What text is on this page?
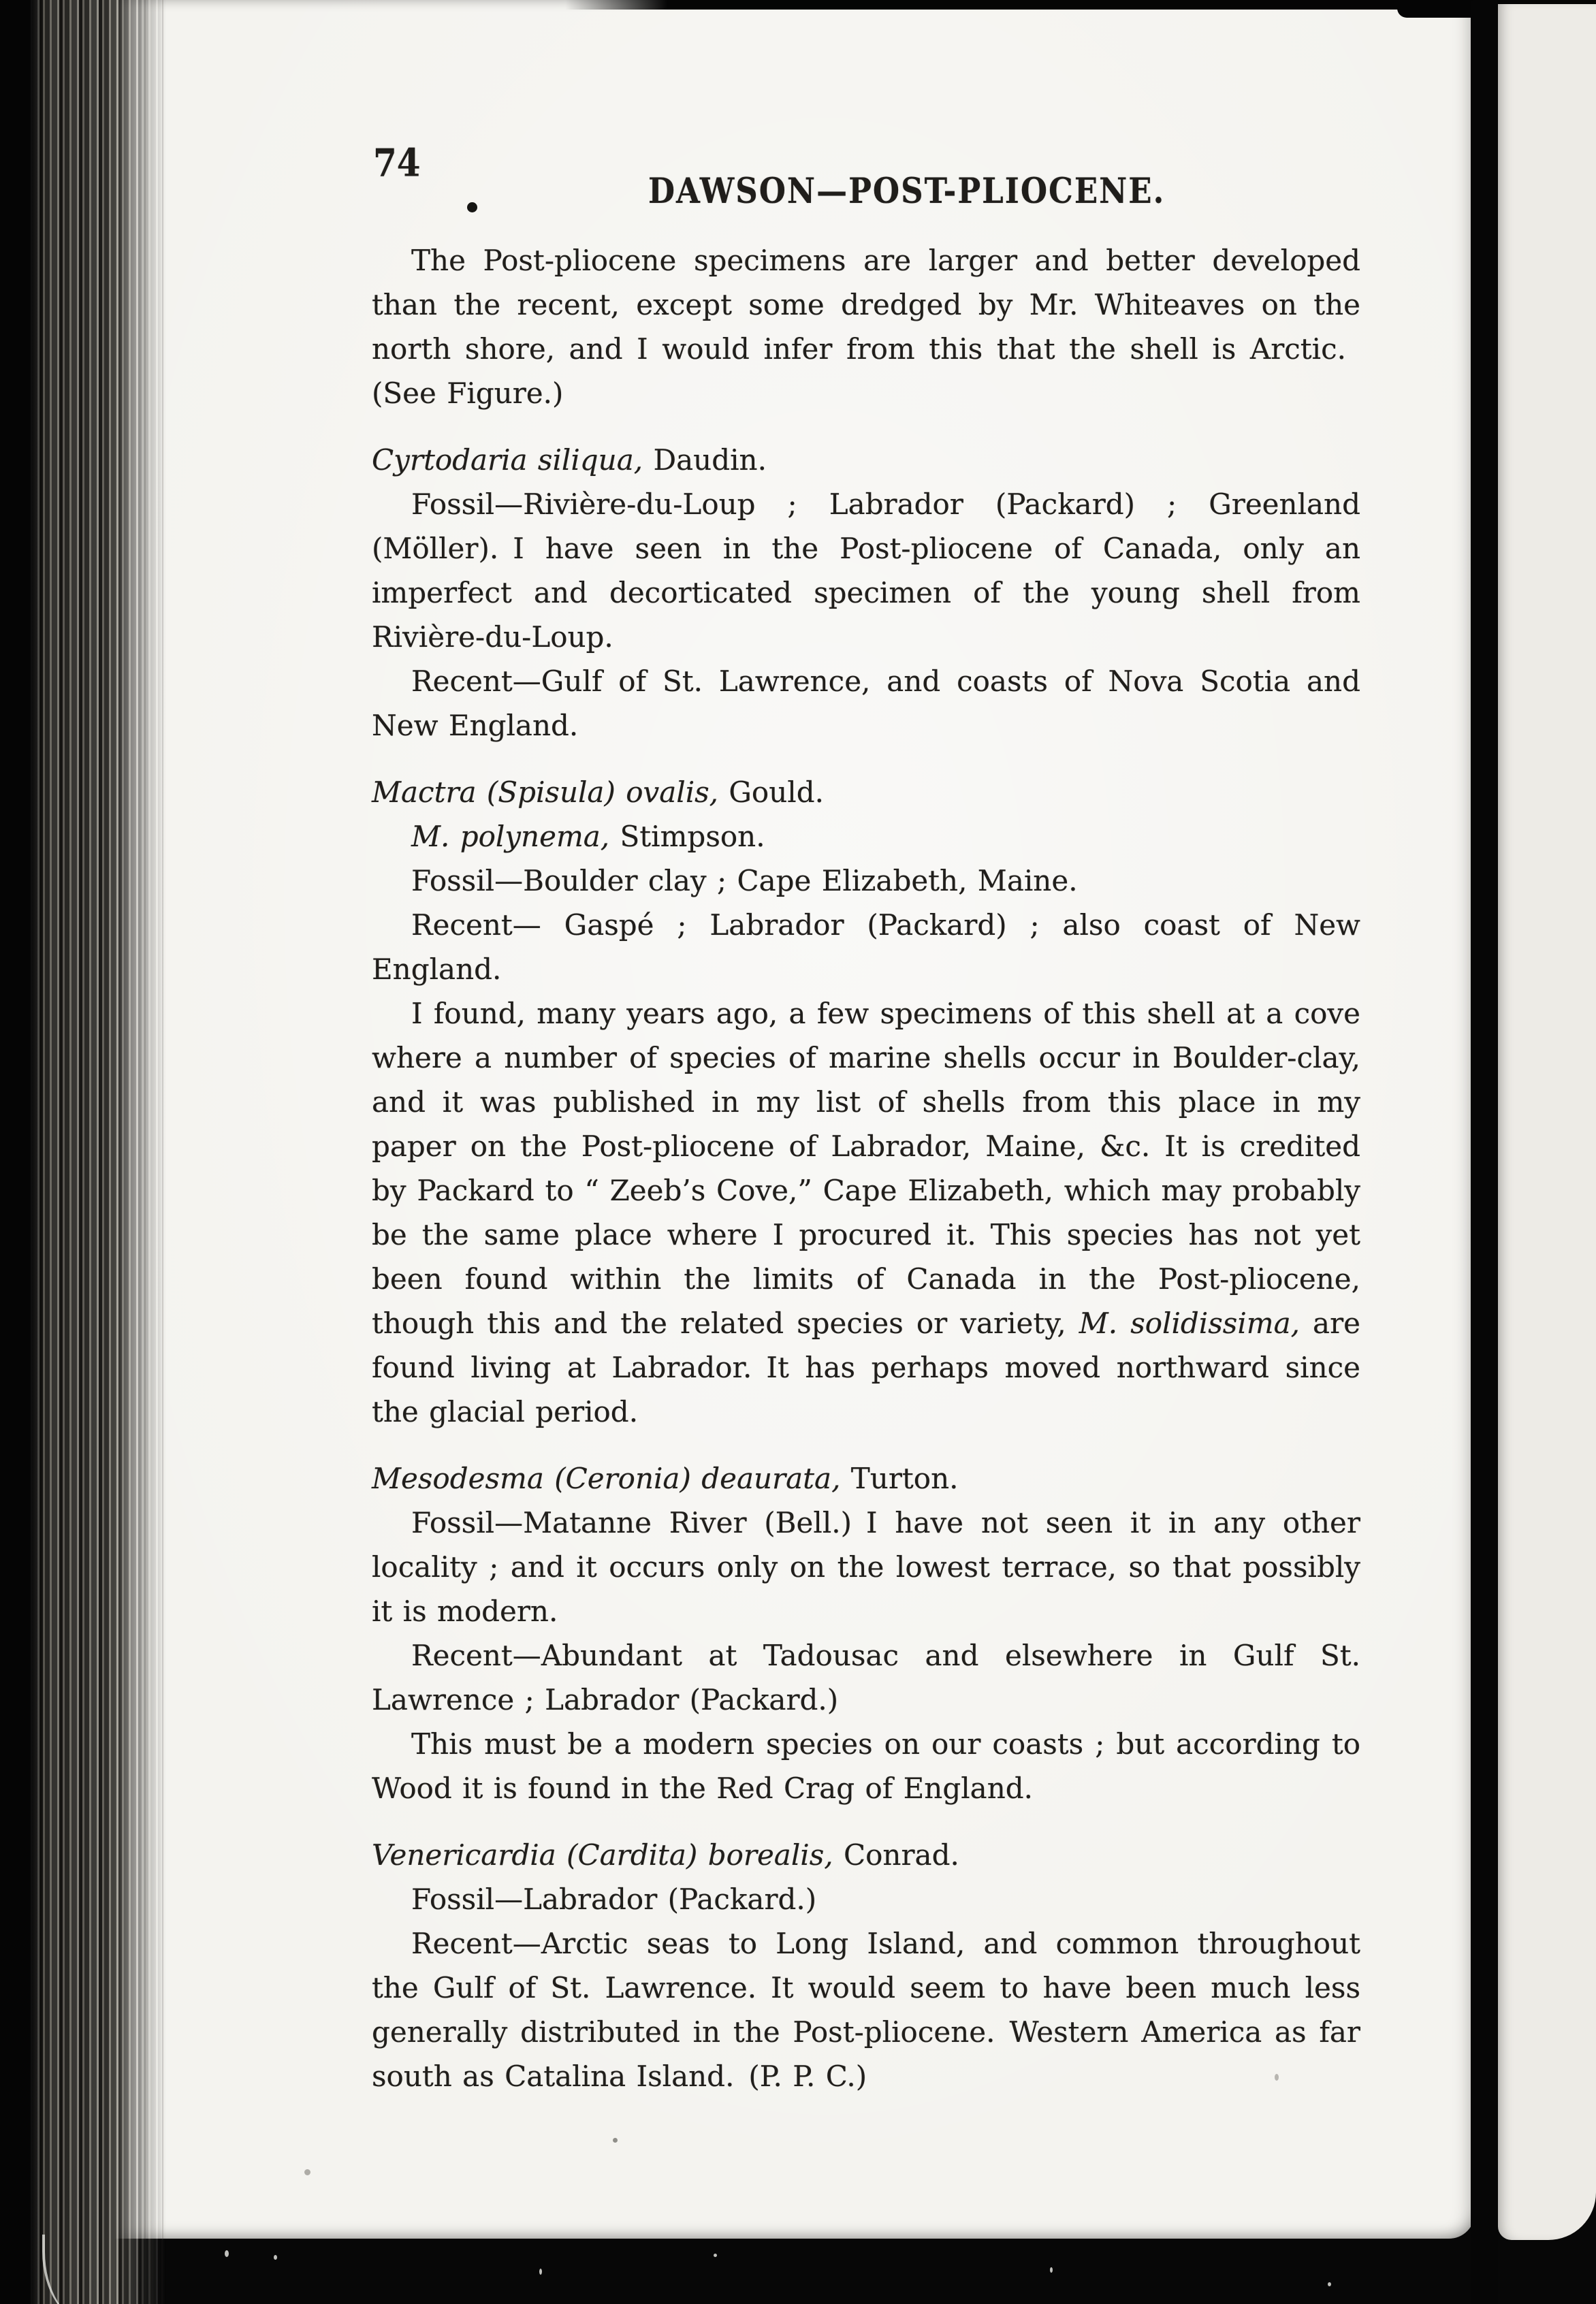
74
DAWSON—POST-PLIOCENE.

The Post-pliocene specimens are larger and better developed than the recent, except some dredged by Mr. Whiteaves on the north shore, and I would infer from this that the shell is Arctic. (See Figure.)

Cyrtodaria siliqua, Daudin.

Fossil—Rivière-du-Loup ; Labrador (Packard) ; Greenland (Möller). I have seen in the Post-pliocene of Canada, only an imperfect and decorticated specimen of the young shell from Rivière-du-Loup.

Recent—Gulf of St. Lawrence, and coasts of Nova Scotia and New England.

Mactra (Spisula) ovalis, Gould.

M. polynema, Stimpson.

Fossil—Boulder clay ; Cape Elizabeth, Maine.

Recent— Gaspé ; Labrador (Packard) ; also coast of New England.

I found, many years ago, a few specimens of this shell at a cove where a number of species of marine shells occur in Boulder-clay, and it was published in my list of shells from this place in my paper on the Post-pliocene of Labrador, Maine, &c. It is credited by Packard to “ Zeeb’s Cove,” Cape Elizabeth, which may probably be the same place where I procured it. This species has not yet been found within the limits of Canada in the Post-pliocene, though this and the related species or variety, M. solidissima, are found living at Labrador. It has perhaps moved northward since the glacial period.

Mesodesma (Ceronia) deaurata, Turton.

Fossil—Matanne River (Bell.) I have not seen it in any other locality ; and it occurs only on the lowest terrace, so that possibly it is modern.

Recent—Abundant at Tadousac and elsewhere in Gulf St. Lawrence ; Labrador (Packard.)

This must be a modern species on our coasts ; but according to Wood it is found in the Red Crag of England.

Venericardia (Cardita) borealis, Conrad.

Fossil—Labrador (Packard.)

Recent—Arctic seas to Long Island, and common throughout the Gulf of St. Lawrence. It would seem to have been much less generally distributed in the Post-pliocene. Western America as far south as Catalina Island. (P. P. C.)
